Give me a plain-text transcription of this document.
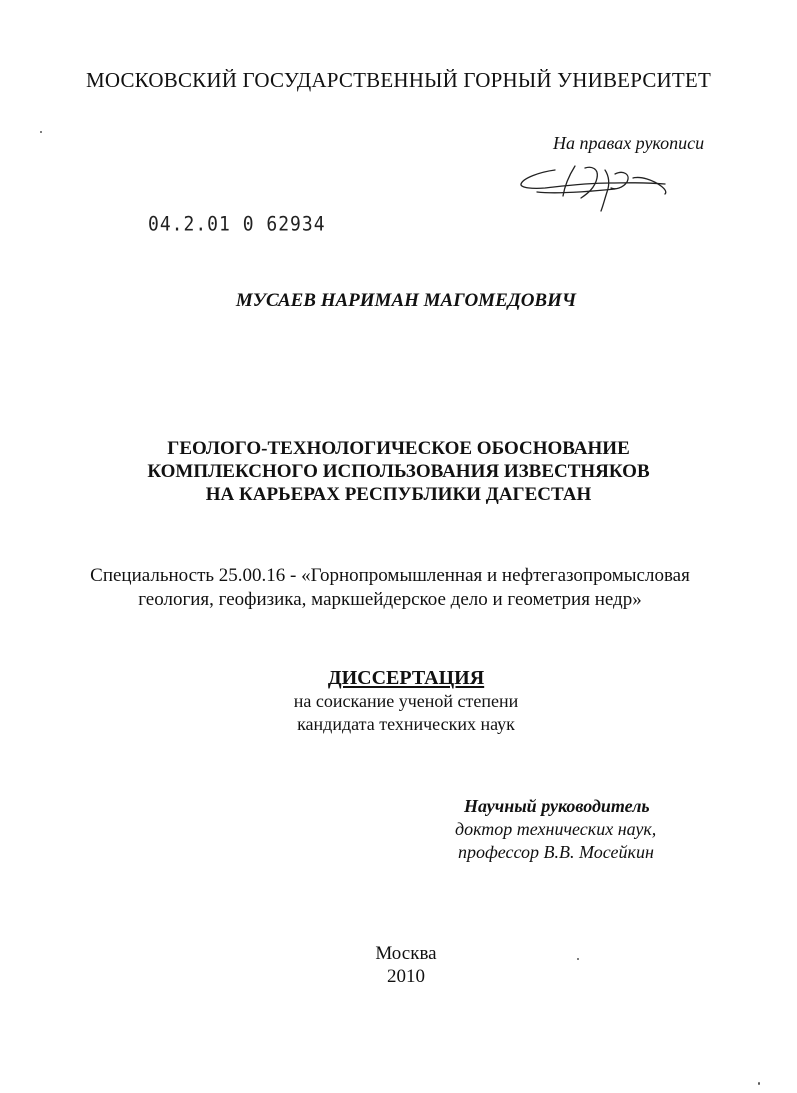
МОСКОВСКИЙ ГОСУДАРСТВЕННЫЙ ГОРНЫЙ УНИВЕРСИТЕТ
На правах рукописи
04.2.01 0 62934
МУСАЕВ НАРИМАН МАГОМЕДОВИЧ
ГЕОЛОГО-ТЕХНОЛОГИЧЕСКОЕ ОБОСНОВАНИЕ
КОМПЛЕКСНОГО ИСПОЛЬЗОВАНИЯ ИЗВЕСТНЯКОВ
НА КАРЬЕРАХ РЕСПУБЛИКИ ДАГЕСТАН
Специальность 25.00.16 - «Горнопромышленная и нефтегазопромысловая
геология, геофизика, маркшейдерское дело и геометрия недр»
ДИССЕРТАЦИЯ
на соискание ученой степени
кандидата технических наук
Научный руководитель
доктор технических наук,
профессор В.В. Мосейкин
Москва
2010
